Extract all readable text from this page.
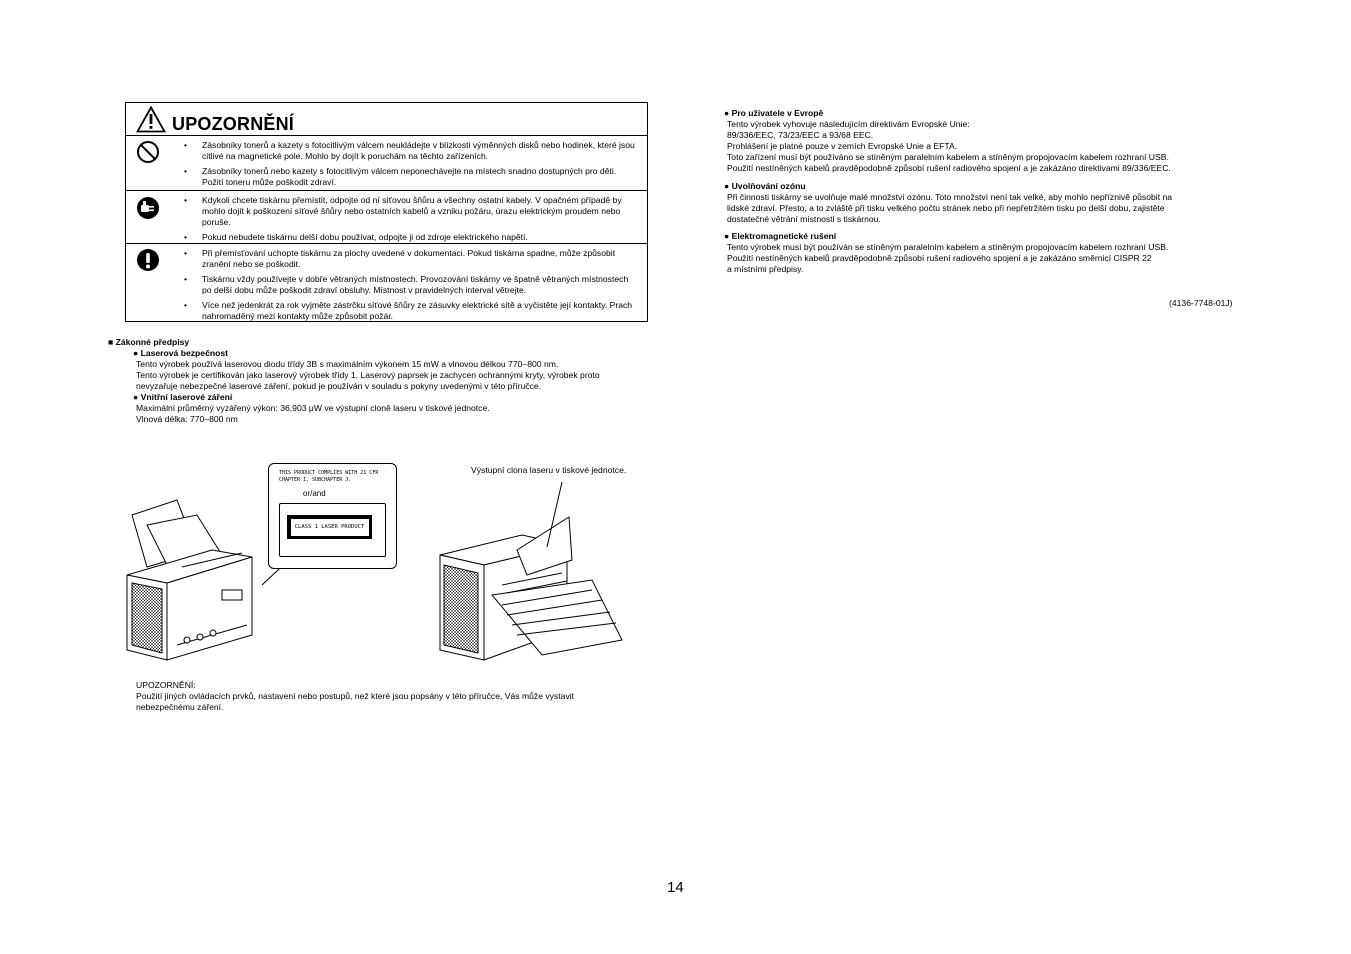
UPOZORNĚNÍ
• Zásobníky tonerů a kazety s fotocitlivým válcem neukládejte v blízkosti výměnných disků nebo hodinek, které jsou citlivé na magnetické pole. Mohlo by dojít k poruchám na těchto zařízeních.
• Zásobníky tonerů nebo kazety s fotocitlivým válcem neponechávejte na místech snadno dostupných pro děti. Požití toneru může poškodit zdraví.
• Kdykoli chcete tiskárnu přemístit, odpojte od ní síťovou šňůru a všechny ostatní kabely. V opačném případě by mohlo dojít k poškození síťové šňůry nebo ostatních kabelů a vzniku požáru, úrazu elektrickým proudem nebo poruše.
• Pokud nebudete tiskárnu delší dobu používat, odpojte ji od zdroje elektrického napětí.
• Při přemísťování uchopte tiskárnu za plochy uvedené v dokumentaci. Pokud tiskárna spadne, může způsobit zranění nebo se poškodit.
• Tiskárnu vždy používejte v dobře větraných místnostech. Provozování tiskárny ve špatně větraných místnostech po delší dobu může poškodit zdraví obsluhy. Místnost v pravidelných interval větrejte.
• Více než jedenkrát za rok vyjměte zástrčku síťové šňůry ze zásuvky elektrické sítě a vyčistěte její kontakty. Prach nahromaděný mezi kontakty může způsobit požár.
■ Zákonné předpisy
● Laserová bezpečnost
Tento výrobek používá laserovou diodu třídy 3B s maximálním výkonem 15 mW a vlnovou délkou 770–800 nm.
Tento výrobek je certifikován jako laserový výrobek třídy 1. Laserový paprsek je zachycen ochrannými kryty, výrobek proto
nevyzařuje nebezpečné laserové záření, pokud je používán v souladu s pokyny uvedenými v této příručce.
● Vnitřní laserové záření
Maximální průměrný vyzářený výkon: 36,903 μW ve výstupní cloně laseru v tiskové jednotce.
Vlnová délka: 770–800 nm
THIS PRODUCT COMPLIES WITH 21 CFR
CHAPTER I, SUBCHAPTER J.
or/and
CLASS 1 LASER PRODUCT
Výstupní clona laseru v tiskové jednotce.
UPOZORNĚNÍ:
Použití jiných ovládacích prvků, nastavení nebo postupů, než které jsou popsány v této příručce, Vás může vystavit
nebezpečnému záření.
● Pro uživatele v Evropě
Tento výrobek vyhovuje následujícím direktivám Evropské Unie:
89/336/EEC, 73/23/EEC a 93/68 EEC.
Prohlášení je platné pouze v zemích Evropské Unie a EFTA.
Toto zařízení musí být používáno se stíněným paralelním kabelem a stíněným propojovacím kabelem rozhraní USB.
Použití nestíněných kabelů pravděpodobně způsobí rušení radiového spojení a je zakázáno direktivami 89/336/EEC.
● Uvolňování ozónu
Při činnosti tiskárny se uvolňuje malé množství ozónu. Toto množství není tak velké, aby mohlo nepříznivě působit na
lidské zdraví. Přesto, a to zvláště při tisku velkého počtu stránek nebo při nepřetržitém tisku po delší dobu, zajistěte
dostatečné větrání místnosti s tiskárnou.
● Elektromagnetické rušení
Tento výrobek musí být používán se stíněným paralelním kabelem a stíněným propojovacím kabelem rozhraní USB.
Použití nestíněných kabelů pravděpodobně způsobí rušení radiového spojení a je zakázáno směrnicí CISPR 22
a místními předpisy.
(4136-7748-01J)
14
